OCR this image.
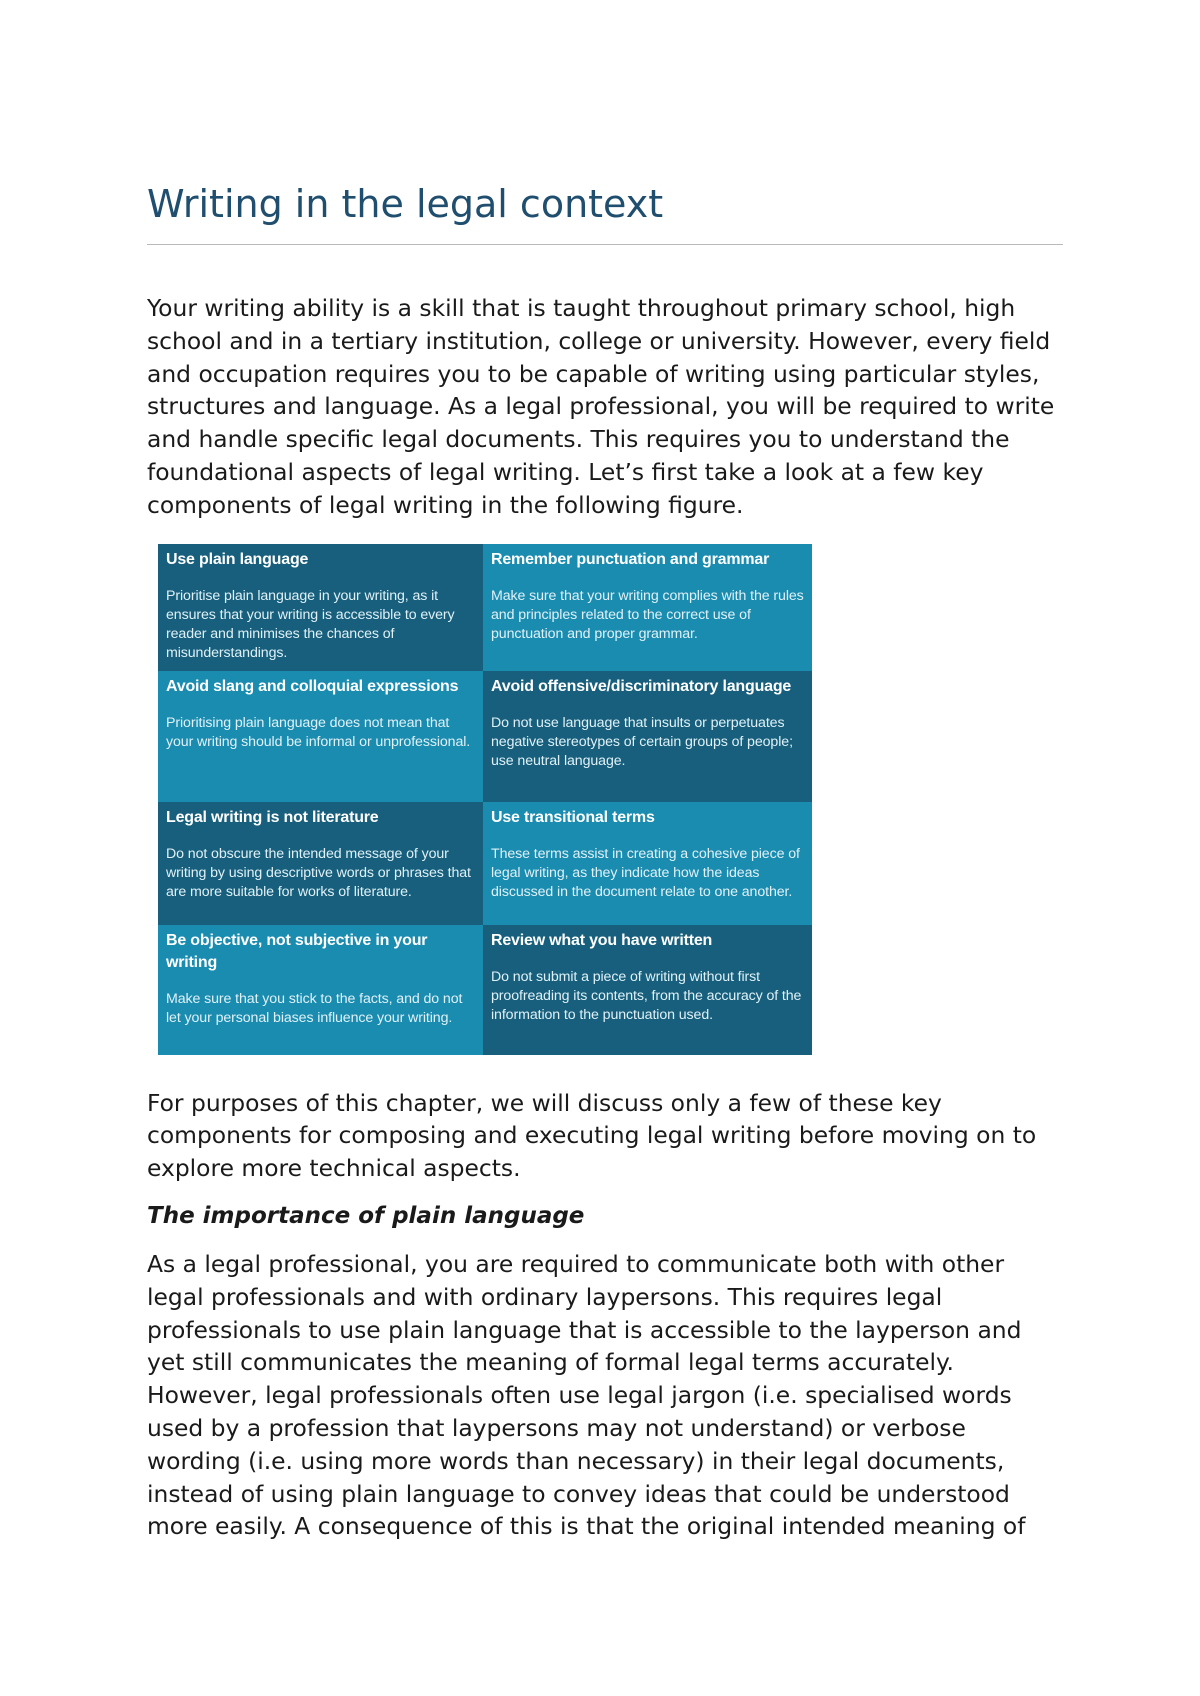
Writing in the legal context

Your writing ability is a skill that is taught throughout primary school, high school and in a tertiary institution, college or university. However, every field and occupation requires you to be capable of writing using particular styles, structures and language. As a legal professional, you will be required to write and handle specific legal documents. This requires you to understand the foundational aspects of legal writing. Let’s first take a look at a few key components of legal writing in the following figure.

Use plain language
Prioritise plain language in your writing, as it ensures that your writing is accessible to every reader and minimises the chances of misunderstandings.
Remember punctuation and grammar
Make sure that your writing complies with the rules and principles related to the correct use of punctuation and proper grammar.
Avoid slang and colloquial expressions
Prioritising plain language does not mean that your writing should be informal or unprofessional.
Avoid offensive/discriminatory language
Do not use language that insults or perpetuates negative stereotypes of certain groups of people; use neutral language.
Legal writing is not literature
Do not obscure the intended message of your writing by using descriptive words or phrases that are more suitable for works of literature.
Use transitional terms
These terms assist in creating a cohesive piece of legal writing, as they indicate how the ideas discussed in the document relate to one another.
Be objective, not subjective in your writing
Make sure that you stick to the facts, and do not let your personal biases influence your writing.
Review what you have written
Do not submit a piece of writing without first proofreading its contents, from the accuracy of the information to the punctuation used.

For purposes of this chapter, we will discuss only a few of these key components for composing and executing legal writing before moving on to explore more technical aspects.

The importance of plain language

As a legal professional, you are required to communicate both with other legal professionals and with ordinary laypersons. This requires legal professionals to use plain language that is accessible to the layperson and yet still communicates the meaning of formal legal terms accurately. However, legal professionals often use legal jargon (i.e. specialised words used by a profession that laypersons may not understand) or verbose wording (i.e. using more words than necessary) in their legal documents, instead of using plain language to convey ideas that could be understood more easily. A consequence of this is that the original intended meaning of
